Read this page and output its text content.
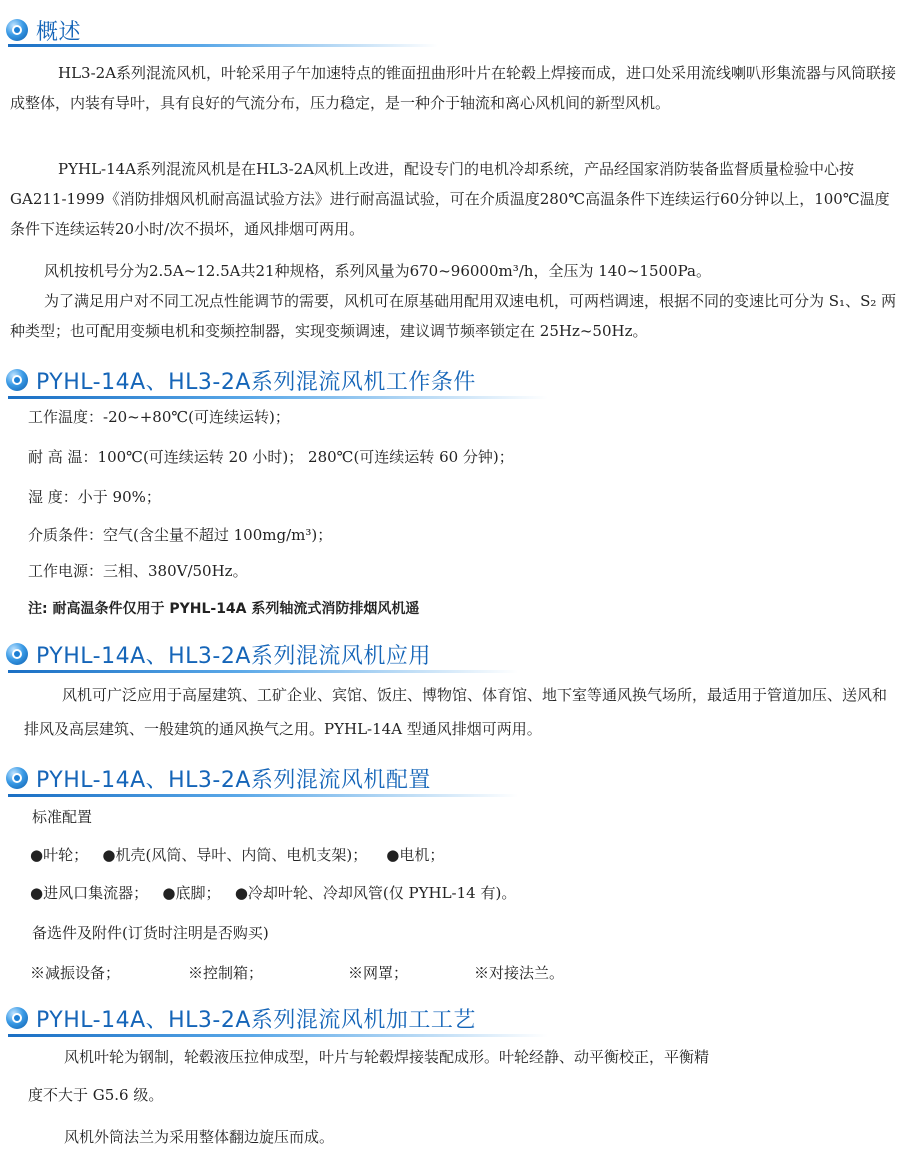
概述

HL3-2A系列混流风机，叶轮采用子午加速特点的锥面扭曲形叶片在轮毂上焊接而成，进口处采用流线喇叭形集流器与风筒联接成整体，内装有导叶，具有良好的气流分布，压力稳定，是一种介于轴流和离心风机间的新型风机。

PYHL-14A系列混流风机是在HL3-2A风机上改进，配设专门的电机冷却系统，产品经国家消防装备监督质量检验中心按GA211-1999《消防排烟风机耐高温试验方法》进行耐高温试验，可在介质温度280℃高温条件下连续运行60分钟以上，100℃温度条件下连续运转20小时/次不损坏，通风排烟可两用。

风机按机号分为2.5A~12.5A共21种规格，系列风量为670~96000m³/h，全压为 140~1500Pa。

为了满足用户对不同工况点性能调节的需要，风机可在原基础用配用双速电机，可两档调速，根据不同的变速比可分为 S₁、S₂ 两种类型；也可配用变频电机和变频控制器，实现变频调速，建议调节频率锁定在 25Hz~50Hz。

PYHL-14A、HL3-2A系列混流风机工作条件

工作温度：-20~+80℃(可连续运转)；

耐 高 温：100℃(可连续运转 20 小时)； 280℃(可连续运转 60 分钟)；

湿 度：小于 90%；

介质条件：空气(含尘量不超过 100mg/m³)；

工作电源：三相、380V/50Hz。

注: 耐高温条件仅用于 PYHL-14A 系列轴流式消防排烟风机遥

PYHL-14A、HL3-2A系列混流风机应用

风机可广泛应用于高屋建筑、工矿企业、宾馆、饭庄、博物馆、体育馆、地下室等通风换气场所，最适用于管道加压、送风和排风及高层建筑、一般建筑的通风换气之用。PYHL-14A 型通风排烟可两用。

PYHL-14A、HL3-2A系列混流风机配置

标准配置

●叶轮； ●机壳(风筒、导叶、内筒、电机支架)； ●电机；

●进风口集流器； ●底脚； ●冷却叶轮、冷却风管(仅 PYHL-14 有)。

备选件及附件(订货时注明是否购买)

※减振设备；	※控制箱；	※网罩；	※对接法兰。

PYHL-14A、HL3-2A系列混流风机加工工艺

风机叶轮为钢制，轮毂液压拉伸成型，叶片与轮毂焊接装配成形。叶轮经静、动平衡校正，平衡精

度不大于 G5.6 级。

风机外筒法兰为采用整体翻边旋压而成。
